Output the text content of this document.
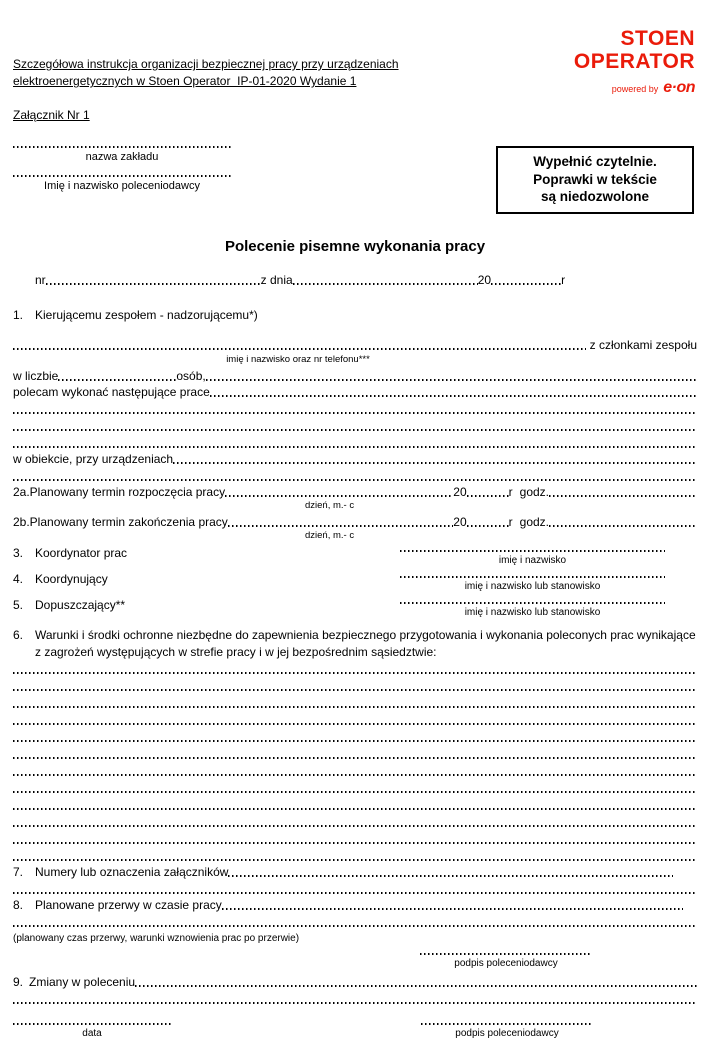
STOEN
OPERATOR
powered by e·on
Szczegółowa instrukcja organizacji bezpiecznej pracy przy urządzeniach
elektroenergetycznych w Stoen Operator  IP-01-2020 Wydanie 1
Załącznik Nr 1
nazwa zakładu
Imię i nazwisko poleceniodawcy
Wypełnić czytelnie.
Poprawki w tekście
są niedozwolone
Polecenie pisemne wykonania pracy
nr	z dnia	20	r
1. Kierującemu zespołem - nadzorującemu*)
z członkami zespołu
imię i nazwisko oraz nr telefonu***
w liczbie	osób,
polecam wykonać następujące prace
w obiekcie, przy urządzeniach
2a.Planowany termin rozpoczęcia pracy	20	r godz.
dzień, m.- c
2b.Planowany termin zakończenia pracy	20	r godz.
dzień, m.- c
3. Koordynator prac
imię i nazwisko
4. Koordynujący
imię i nazwisko lub stanowisko
5. Dopuszczający**
imię i nazwisko lub stanowisko
6. Warunki i środki ochronne niezbędne do zapewnienia bezpiecznego przygotowania i wykonania poleconych prac wynikające z zagrożeń występujących w strefie pracy i w jej bezpośrednim sąsiedztwie:
7. Numery lub oznaczenia załączników
8. Planowane przerwy w czasie pracy
(planowany czas przerwy, warunki wznowienia prac po przerwie)
podpis poleceniodawcy
9. Zmiany w poleceniu
data	podpis poleceniodawcy
